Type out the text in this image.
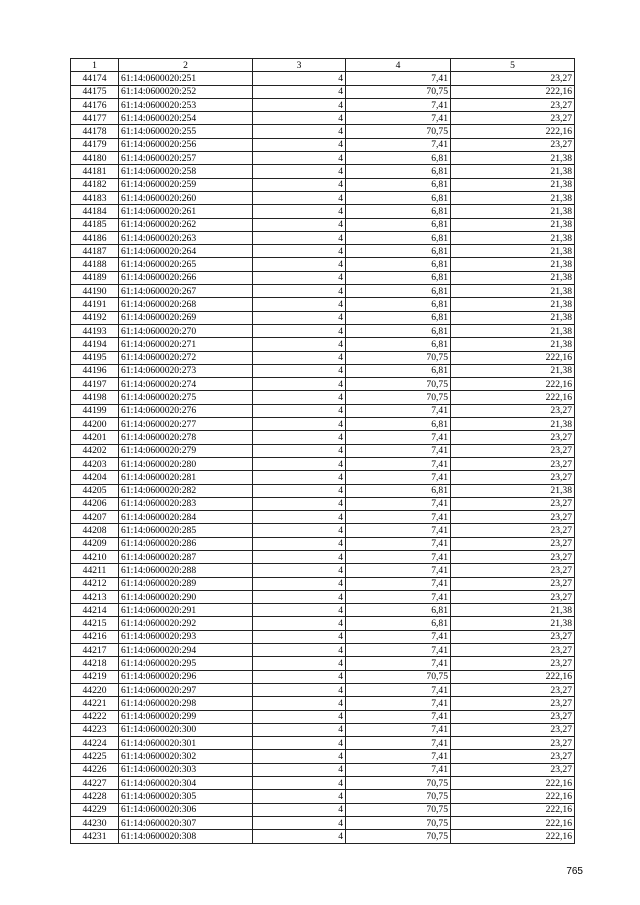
1	2	3	4	5
44174	61:14:0600020:251	4	7,41	23,27
44175	61:14:0600020:252	4	70,75	222,16
44176	61:14:0600020:253	4	7,41	23,27
44177	61:14:0600020:254	4	7,41	23,27
44178	61:14:0600020:255	4	70,75	222,16
44179	61:14:0600020:256	4	7,41	23,27
44180	61:14:0600020:257	4	6,81	21,38
44181	61:14:0600020:258	4	6,81	21,38
44182	61:14:0600020:259	4	6,81	21,38
44183	61:14:0600020:260	4	6,81	21,38
44184	61:14:0600020:261	4	6,81	21,38
44185	61:14:0600020:262	4	6,81	21,38
44186	61:14:0600020:263	4	6,81	21,38
44187	61:14:0600020:264	4	6,81	21,38
44188	61:14:0600020:265	4	6,81	21,38
44189	61:14:0600020:266	4	6,81	21,38
44190	61:14:0600020:267	4	6,81	21,38
44191	61:14:0600020:268	4	6,81	21,38
44192	61:14:0600020:269	4	6,81	21,38
44193	61:14:0600020:270	4	6,81	21,38
44194	61:14:0600020:271	4	6,81	21,38
44195	61:14:0600020:272	4	70,75	222,16
44196	61:14:0600020:273	4	6,81	21,38
44197	61:14:0600020:274	4	70,75	222,16
44198	61:14:0600020:275	4	70,75	222,16
44199	61:14:0600020:276	4	7,41	23,27
44200	61:14:0600020:277	4	6,81	21,38
44201	61:14:0600020:278	4	7,41	23,27
44202	61:14:0600020:279	4	7,41	23,27
44203	61:14:0600020:280	4	7,41	23,27
44204	61:14:0600020:281	4	7,41	23,27
44205	61:14:0600020:282	4	6,81	21,38
44206	61:14:0600020:283	4	7,41	23,27
44207	61:14:0600020:284	4	7,41	23,27
44208	61:14:0600020:285	4	7,41	23,27
44209	61:14:0600020:286	4	7,41	23,27
44210	61:14:0600020:287	4	7,41	23,27
44211	61:14:0600020:288	4	7,41	23,27
44212	61:14:0600020:289	4	7,41	23,27
44213	61:14:0600020:290	4	7,41	23,27
44214	61:14:0600020:291	4	6,81	21,38
44215	61:14:0600020:292	4	6,81	21,38
44216	61:14:0600020:293	4	7,41	23,27
44217	61:14:0600020:294	4	7,41	23,27
44218	61:14:0600020:295	4	7,41	23,27
44219	61:14:0600020:296	4	70,75	222,16
44220	61:14:0600020:297	4	7,41	23,27
44221	61:14:0600020:298	4	7,41	23,27
44222	61:14:0600020:299	4	7,41	23,27
44223	61:14:0600020:300	4	7,41	23,27
44224	61:14:0600020:301	4	7,41	23,27
44225	61:14:0600020:302	4	7,41	23,27
44226	61:14:0600020:303	4	7,41	23,27
44227	61:14:0600020:304	4	70,75	222,16
44228	61:14:0600020:305	4	70,75	222,16
44229	61:14:0600020:306	4	70,75	222,16
44230	61:14:0600020:307	4	70,75	222,16
44231	61:14:0600020:308	4	70,75	222,16
765
